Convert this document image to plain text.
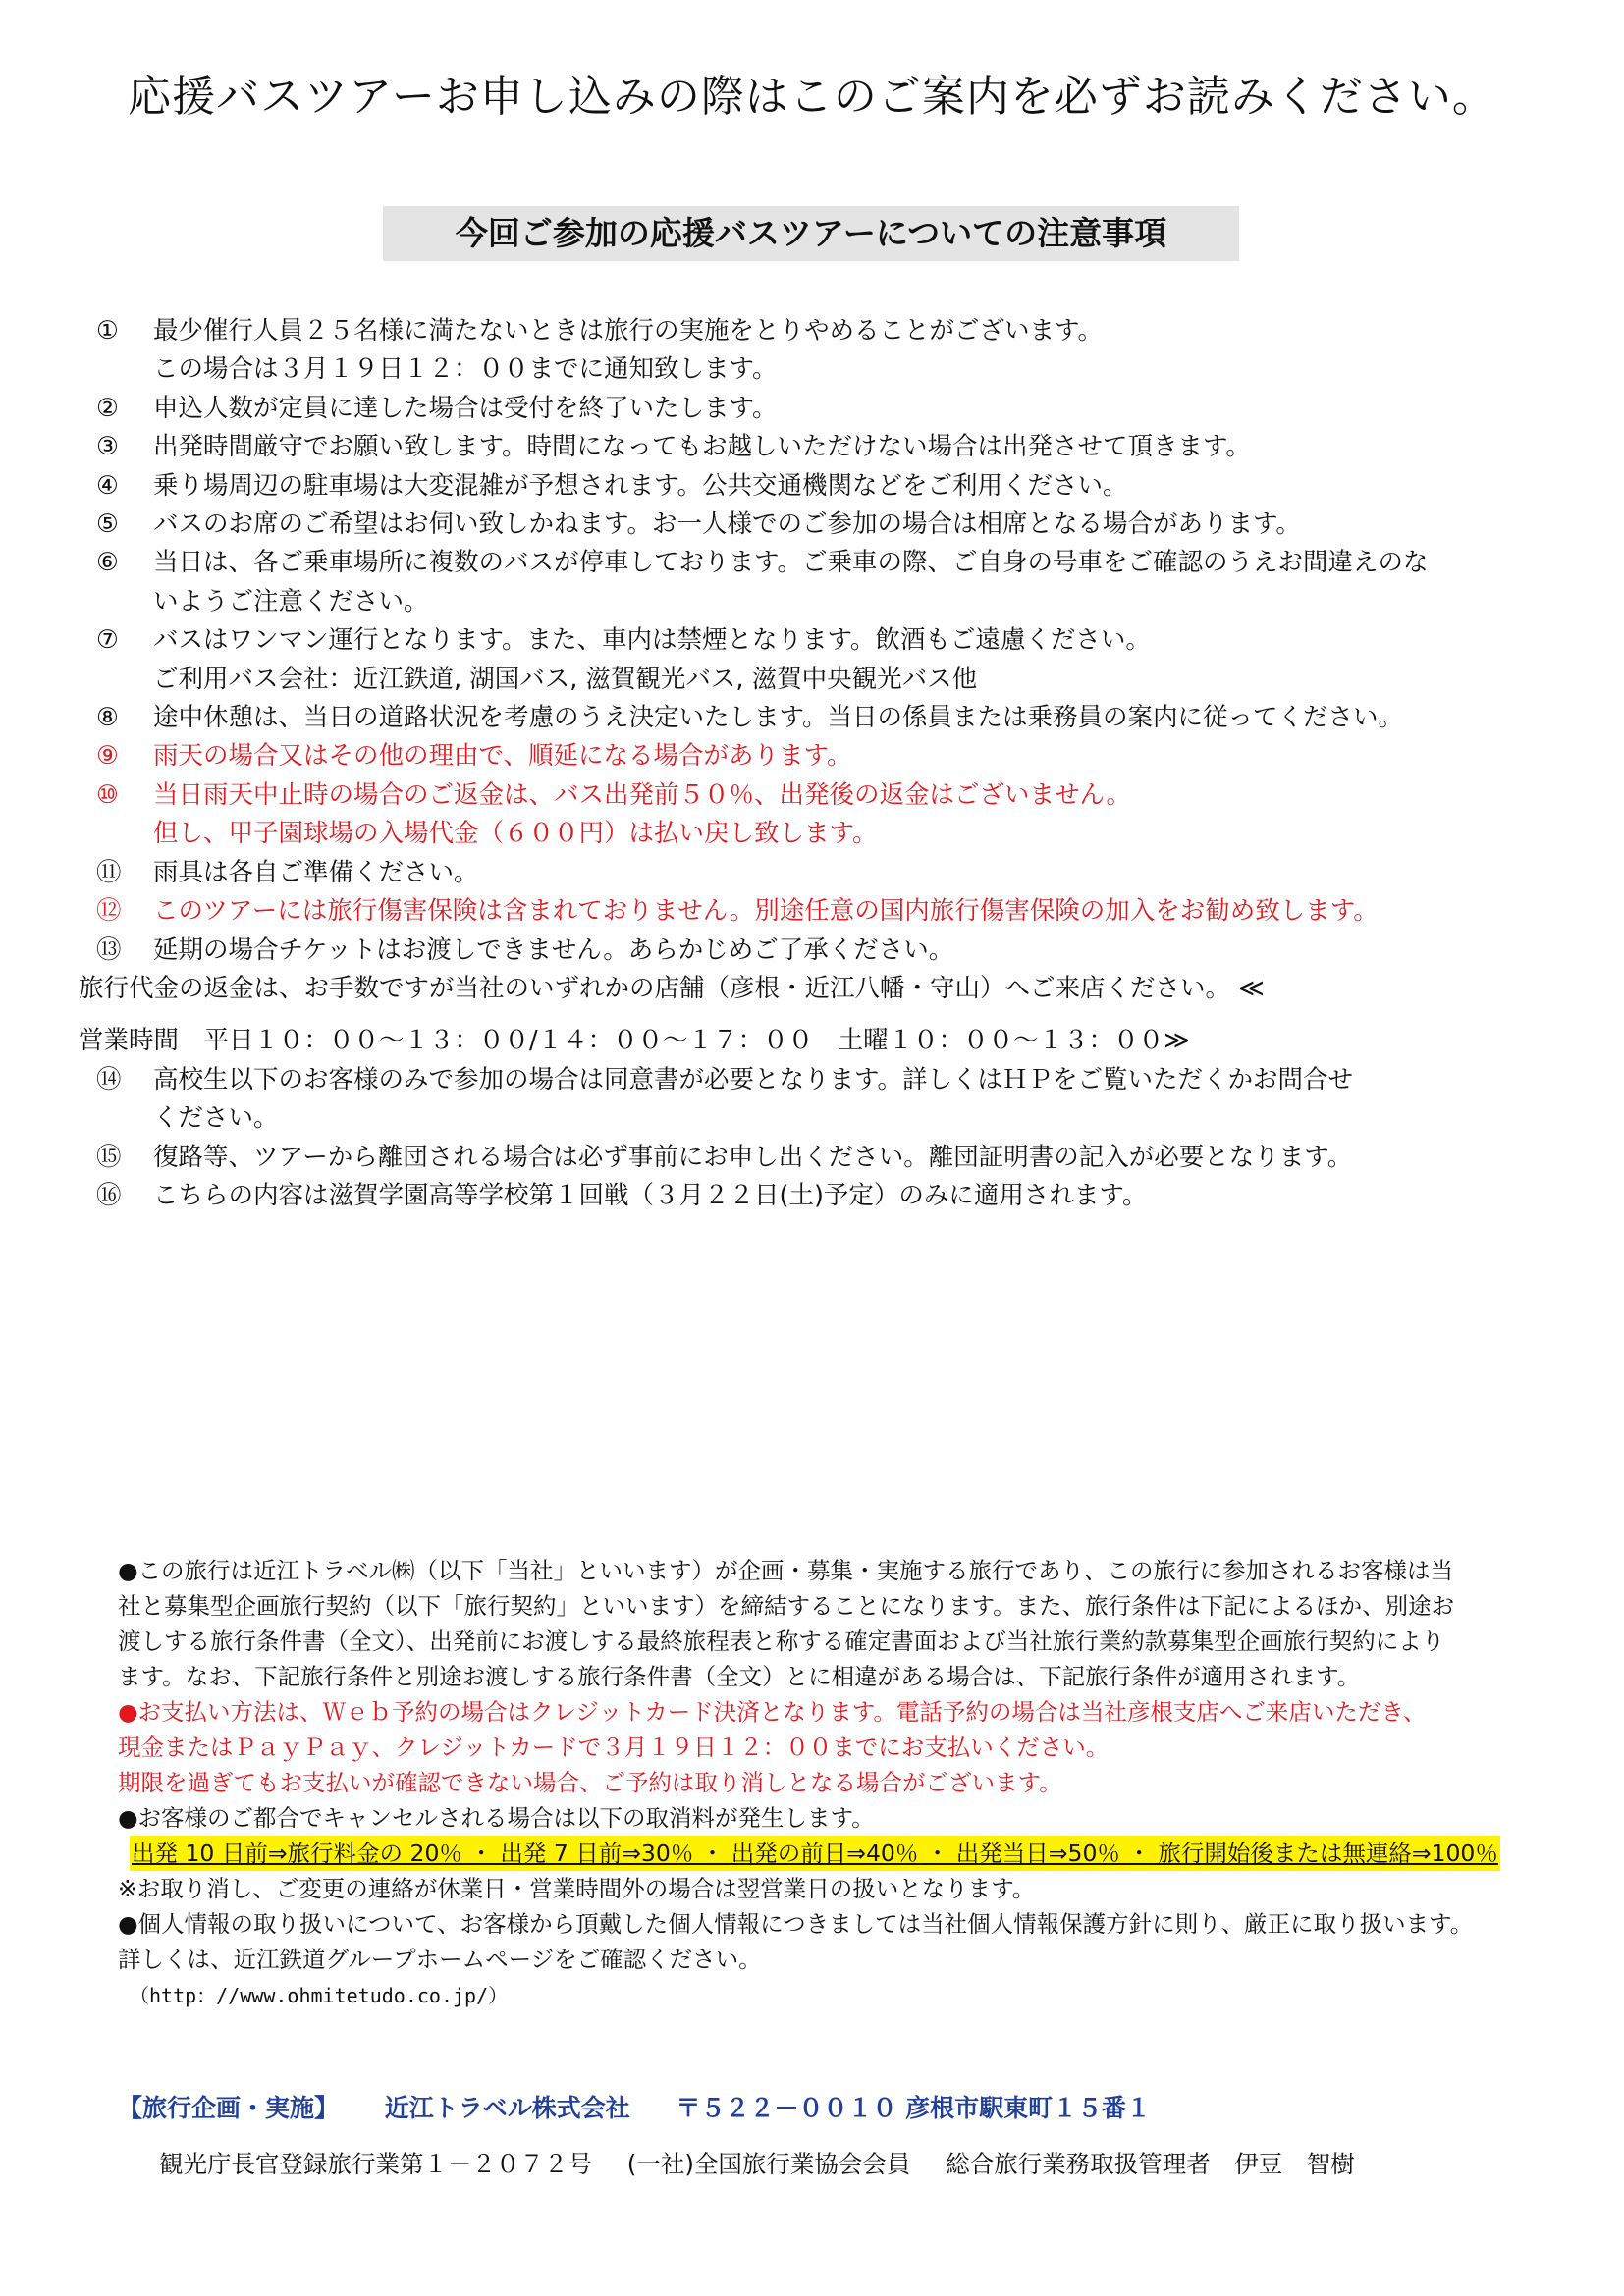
応援バスツアーお申し込みの際はこのご案内を必ずお読みください。
今回ご参加の応援バスツアーについての注意事項
①	最少催行人員２５名様に満たないときは旅行の実施をとりやめることがございます。
この場合は３月１９日１２：００までに通知致します。
②	申込人数が定員に達した場合は受付を終了いたします。
③	出発時間厳守でお願い致します。時間になってもお越しいただけない場合は出発させて頂きます。
④	乗り場周辺の駐車場は大変混雑が予想されます。公共交通機関などをご利用ください。
⑤	バスのお席のご希望はお伺い致しかねます。お一人様でのご参加の場合は相席となる場合があります。
⑥	当日は、各ご乗車場所に複数のバスが停車しております。ご乗車の際、ご自身の号車をご確認のうえお間違えのな
いようご注意ください。
⑦	バスはワンマン運行となります。また、車内は禁煙となります。飲酒もご遠慮ください。
ご利用バス会社：近江鉄道, 湖国バス, 滋賀観光バス, 滋賀中央観光バス他
⑧	途中休憩は、当日の道路状況を考慮のうえ決定いたします。当日の係員または乗務員の案内に従ってください。
⑨	雨天の場合又はその他の理由で、順延になる場合があります。
⑩	当日雨天中止時の場合のご返金は、バス出発前５０％、出発後の返金はございません。
但し、甲子園球場の入場代金（６００円）は払い戻し致します。
⑪	雨具は各自ご準備ください。
⑫	このツアーには旅行傷害保険は含まれておりません。別途任意の国内旅行傷害保険の加入をお勧め致します。
⑬	延期の場合チケットはお渡しできません。あらかじめご了承ください。
旅行代金の返金は、お手数ですが当社のいずれかの店舗（彦根・近江八幡・守山）へご来店ください。 ≪
営業時間　平日１０：００～１３：００/１４：００～１７：００　土曜１０：００～１３：００≫
⑭	高校生以下のお客様のみで参加の場合は同意書が必要となります。詳しくはＨＰをご覧いただくかお問合せ
ください。
⑮	復路等、ツアーから離団される場合は必ず事前にお申し出ください。離団証明書の記入が必要となります。
⑯	こちらの内容は滋賀学園高等学校第１回戦（３月２２日(土)予定）のみに適用されます。
●この旅行は近江トラベル㈱（以下「当社」といいます）が企画・募集・実施する旅行であり、この旅行に参加されるお客様は当
社と募集型企画旅行契約（以下「旅行契約」といいます）を締結することになります。また、旅行条件は下記によるほか、別途お
渡しする旅行条件書（全文）、出発前にお渡しする最終旅程表と称する確定書面および当社旅行業約款募集型企画旅行契約により
ます。なお、下記旅行条件と別途お渡しする旅行条件書（全文）とに相違がある場合は、下記旅行条件が適用されます。
●お支払い方法は、Ｗｅｂ予約の場合はクレジットカード決済となります。電話予約の場合は当社彦根支店へご来店いただき、
現金またはＰａｙＰａｙ、クレジットカードで３月１９日１２：００までにお支払いください。
期限を過ぎてもお支払いが確認できない場合、ご予約は取り消しとなる場合がございます。
●お客様のご都合でキャンセルされる場合は以下の取消料が発生します。
出発 10 日前⇒旅行料金の 20％ ・ 出発 7 日前⇒30％ ・ 出発の前日⇒40％ ・ 出発当日⇒50％ ・ 旅行開始後または無連絡⇒100％
※お取り消し、ご変更の連絡が休業日・営業時間外の場合は翌営業日の扱いとなります。
●個人情報の取り扱いについて、お客様から頂戴した個人情報につきましては当社個人情報保護方針に則り、厳正に取り扱います。
詳しくは、近江鉄道グループホームページをご確認ください。
（http：//www.ohmitetudo.co.jp/）
【旅行企画・実施】 近江トラベル株式会社 〒５２２－００１０ 彦根市駅東町１５番１
観光庁長官登録旅行業第１－２０７２号 (一社)全国旅行業協会会員 総合旅行業務取扱管理者　伊豆　智樹
